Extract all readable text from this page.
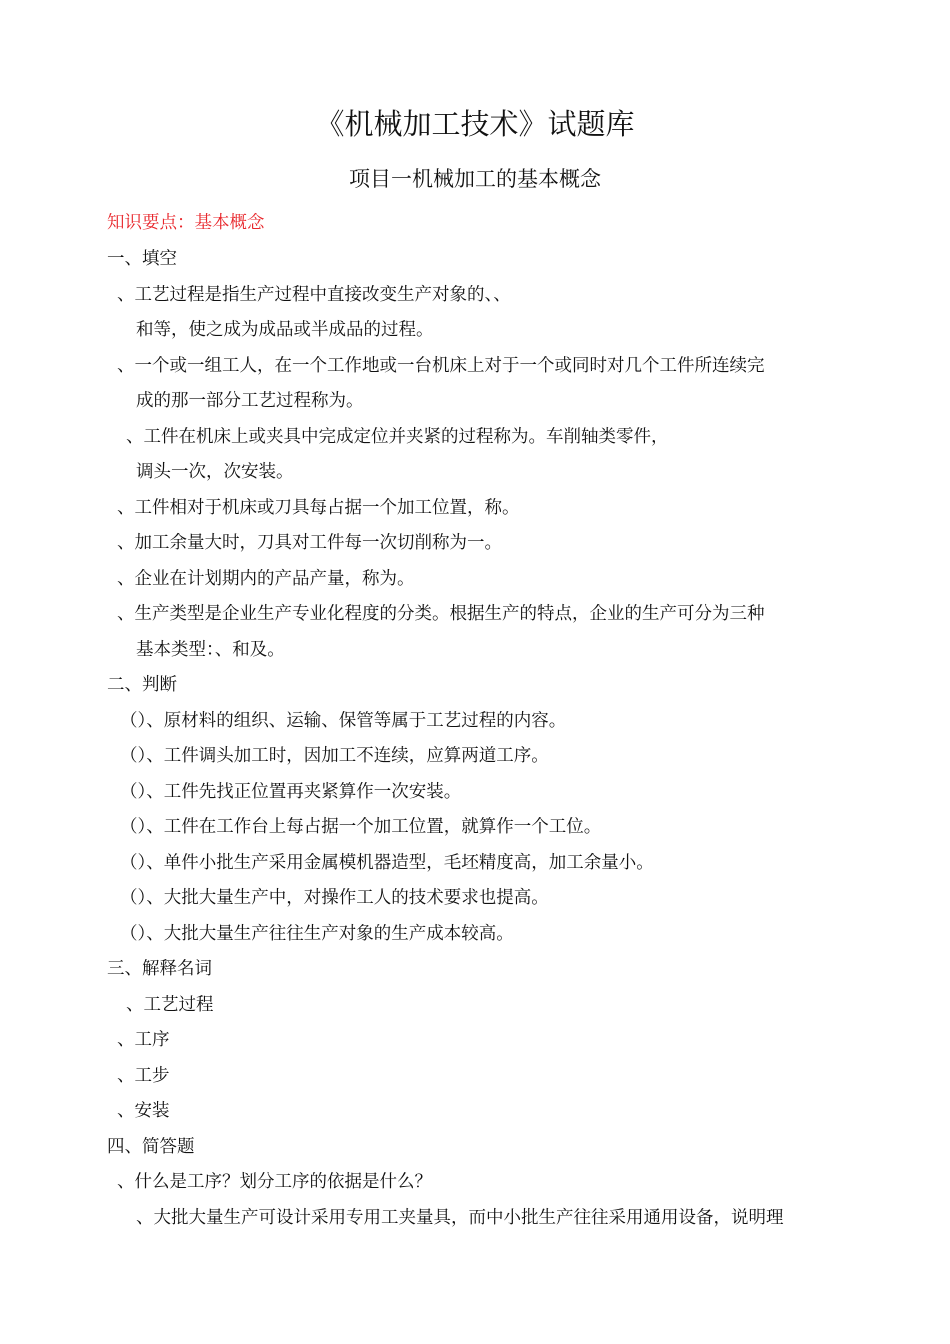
《机械加工技术》试题库
项目一机械加工的基本概念
知识要点：基本概念
一、填空
、工艺过程是指生产过程中直接改变生产对象的、、
和等，使之成为成品或半成品的过程。
、一个或一组工人，在一个工作地或一台机床上对于一个或同时对几个工件所连续完
成的那一部分工艺过程称为。
、工件在机床上或夹具中完成定位并夹紧的过程称为。车削轴类零件，
调头一次，次安装。
、工件相对于机床或刀具每占据一个加工位置，称。
、加工余量大时，刀具对工件每一次切削称为一。
、企业在计划期内的产品产量，称为。
、生产类型是企业生产专业化程度的分类。根据生产的特点，企业的生产可分为三种
基本类型：、和及。
二、判断
（）、原材料的组织、运输、保管等属于工艺过程的内容。
（）、工件调头加工时，因加工不连续，应算两道工序。
（）、工件先找正位置再夹紧算作一次安装。
（）、工件在工作台上每占据一个加工位置，就算作一个工位。
（）、单件小批生产采用金属模机器造型，毛坯精度高，加工余量小。
（）、大批大量生产中，对操作工人的技术要求也提高。
（）、大批大量生产往往生产对象的生产成本较高。
三、解释名词
、工艺过程
、工序
、工步
、安装
四、简答题
、什么是工序？划分工序的依据是什么？
、大批大量生产可设计采用专用工夹量具，而中小批生产往往采用通用设备，说明理
